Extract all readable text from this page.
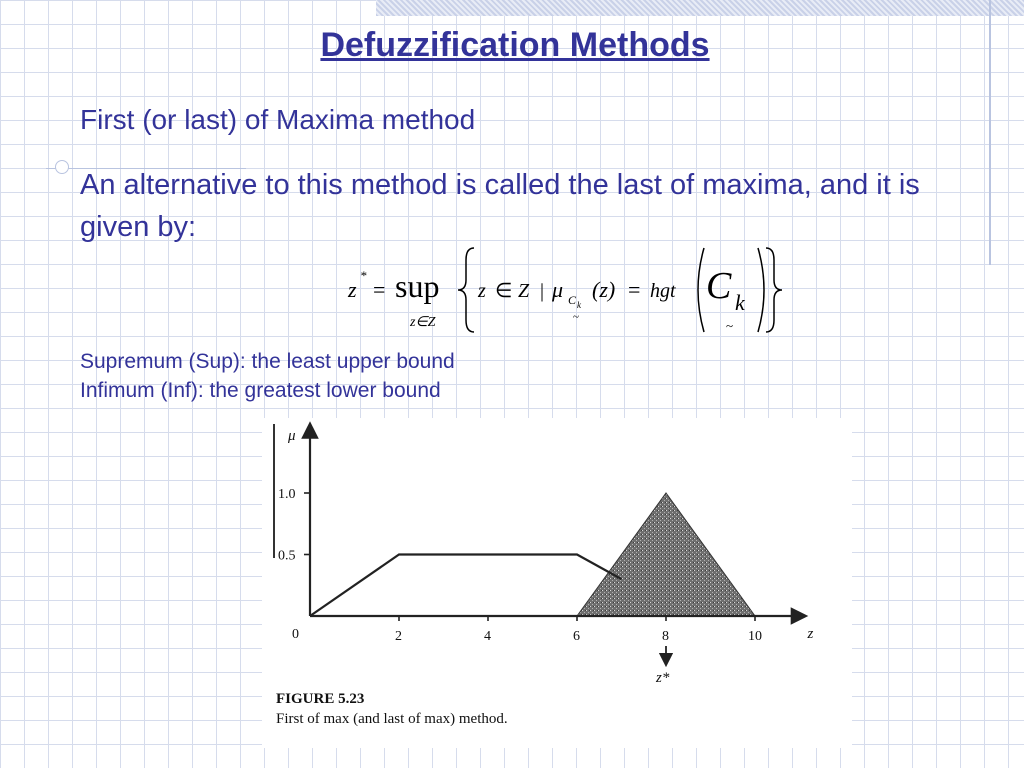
Defuzzification Methods
First (or last) of Maxima method
An alternative to this method is called the last of maxima, and it is given by:
z
*
= sup
z∈Z
z ∈ Z | μ C k
~
(z) = hgt C k
~
Supremum (Sup): the least upper bound
Infimum (Inf): the greatest lower bound
1.0
0.5
0	2	4	6	8	10	z
μ
z*
FIGURE 5.23
First of max (and last of max) method.
